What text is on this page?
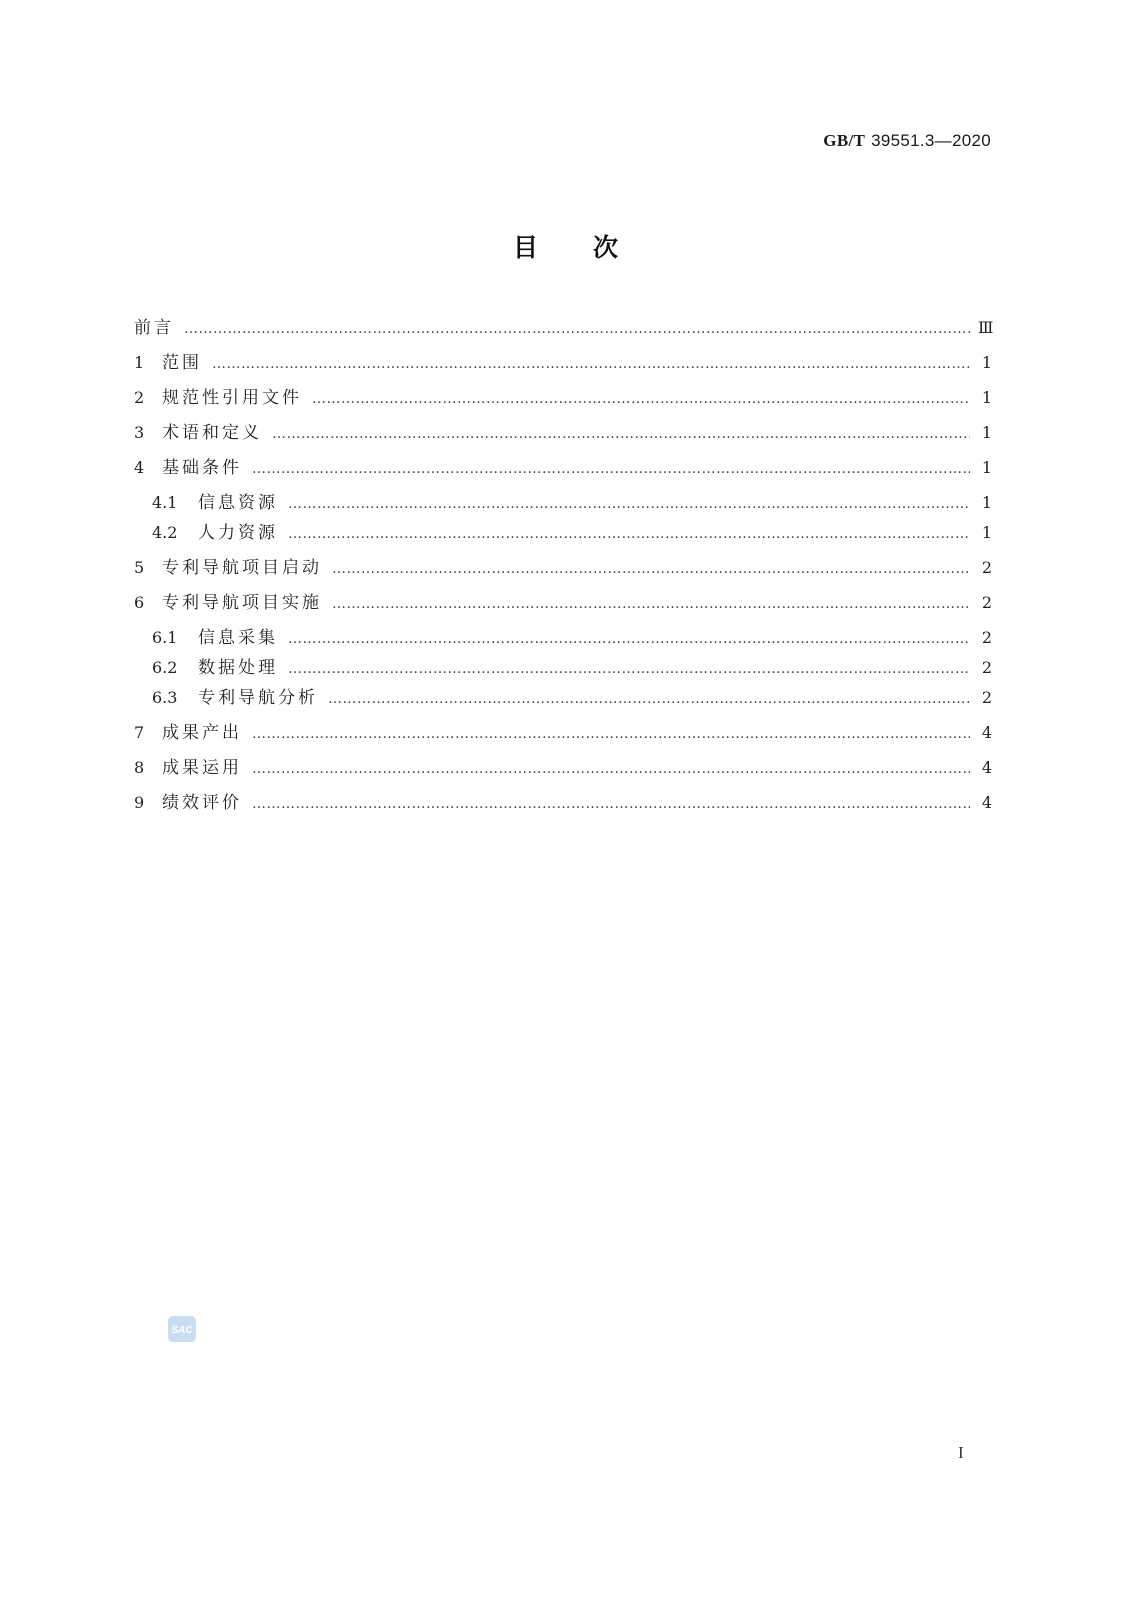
GB/T 39551.3—2020
目次
前言 …………………………………………………………………………………………………………………………………………………………………………………………………………………………	Ⅲ
1	范围 …………………………………………………………………………………………………………………………………………………………………………………………………………………………	1
2	规范性引用文件 …………………………………………………………………………………………………………………………………………………………………………………………………………………………	1
3	术语和定义 …………………………………………………………………………………………………………………………………………………………………………………………………………………………	1
4	基础条件 …………………………………………………………………………………………………………………………………………………………………………………………………………………………	1
4.1	信息资源 …………………………………………………………………………………………………………………………………………………………………………………………………………………………	1
4.2	人力资源 …………………………………………………………………………………………………………………………………………………………………………………………………………………………	1
5	专利导航项目启动 …………………………………………………………………………………………………………………………………………………………………………………………………………………………	2
6	专利导航项目实施 …………………………………………………………………………………………………………………………………………………………………………………………………………………………	2
6.1	信息采集 …………………………………………………………………………………………………………………………………………………………………………………………………………………………	2
6.2	数据处理 …………………………………………………………………………………………………………………………………………………………………………………………………………………………	2
6.3	专利导航分析 …………………………………………………………………………………………………………………………………………………………………………………………………………………………	2
7	成果产出 …………………………………………………………………………………………………………………………………………………………………………………………………………………………	4
8	成果运用 …………………………………………………………………………………………………………………………………………………………………………………………………………………………	4
9	绩效评价 …………………………………………………………………………………………………………………………………………………………………………………………………………………………	4
SAC
I
